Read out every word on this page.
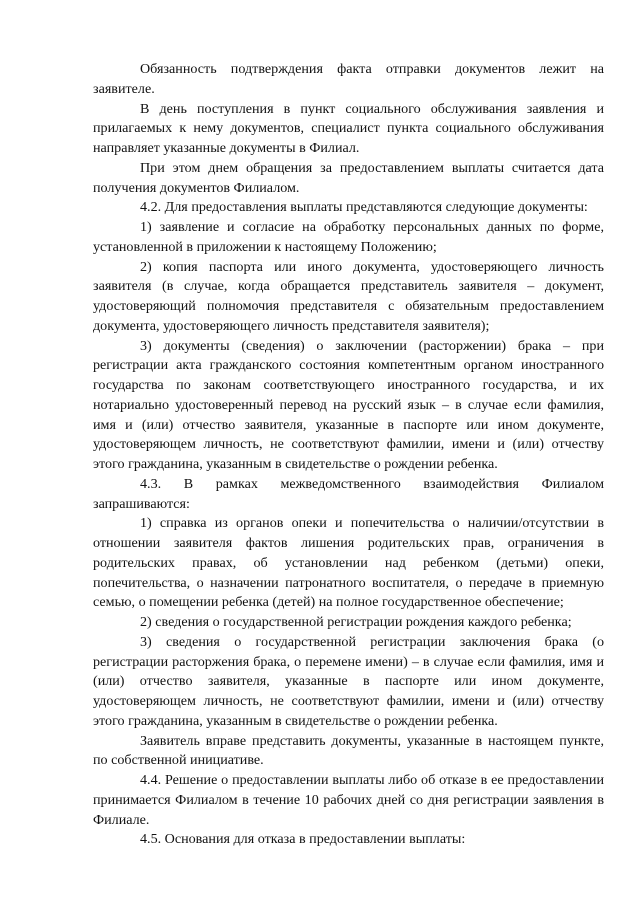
Обязанность подтверждения факта отправки документов лежит на заявителе.

В день поступления в пункт социального обслуживания заявления и прилагаемых к нему документов, специалист пункта социального обслуживания направляет указанные документы в Филиал.

При этом днем обращения за предоставлением выплаты считается дата получения документов Филиалом.

4.2. Для предоставления выплаты представляются следующие документы:

1) заявление и согласие на обработку персональных данных по форме, установленной в приложении к настоящему Положению;

2) копия паспорта или иного документа, удостоверяющего личность заявителя (в случае, когда обращается представитель заявителя – документ, удостоверяющий полномочия представителя с обязательным предоставлением документа, удостоверяющего личность представителя заявителя);

3) документы (сведения) о заключении (расторжении) брака – при регистрации акта гражданского состояния компетентным органом иностранного государства по законам соответствующего иностранного государства, и их нотариально удостоверенный перевод на русский язык – в случае если фамилия, имя и (или) отчество заявителя, указанные в паспорте или ином документе, удостоверяющем личность, не соответствуют фамилии, имени и (или) отчеству этого гражданина, указанным в свидетельстве о рождении ребенка.

4.3. В рамках межведомственного взаимодействия Филиалом запрашиваются:

1) справка из органов опеки и попечительства о наличии/отсутствии в отношении заявителя фактов лишения родительских прав, ограничения в родительских правах, об установлении над ребенком (детьми) опеки, попечительства, о назначении патронатного воспитателя, о передаче в приемную семью, о помещении ребенка (детей) на полное государственное обеспечение;

2) сведения о государственной регистрации рождения каждого ребенка;

3) сведения о государственной регистрации заключения брака (о регистрации расторжения брака, о перемене имени) – в случае если фамилия, имя и (или) отчество заявителя, указанные в паспорте или ином документе, удостоверяющем личность, не соответствуют фамилии, имени и (или) отчеству этого гражданина, указанным в свидетельстве о рождении ребенка.

Заявитель вправе представить документы, указанные в настоящем пункте, по собственной инициативе.

4.4. Решение о предоставлении выплаты либо об отказе в ее предоставлении принимается Филиалом в течение 10 рабочих дней со дня регистрации заявления в Филиале.

4.5. Основания для отказа в предоставлении выплаты:
